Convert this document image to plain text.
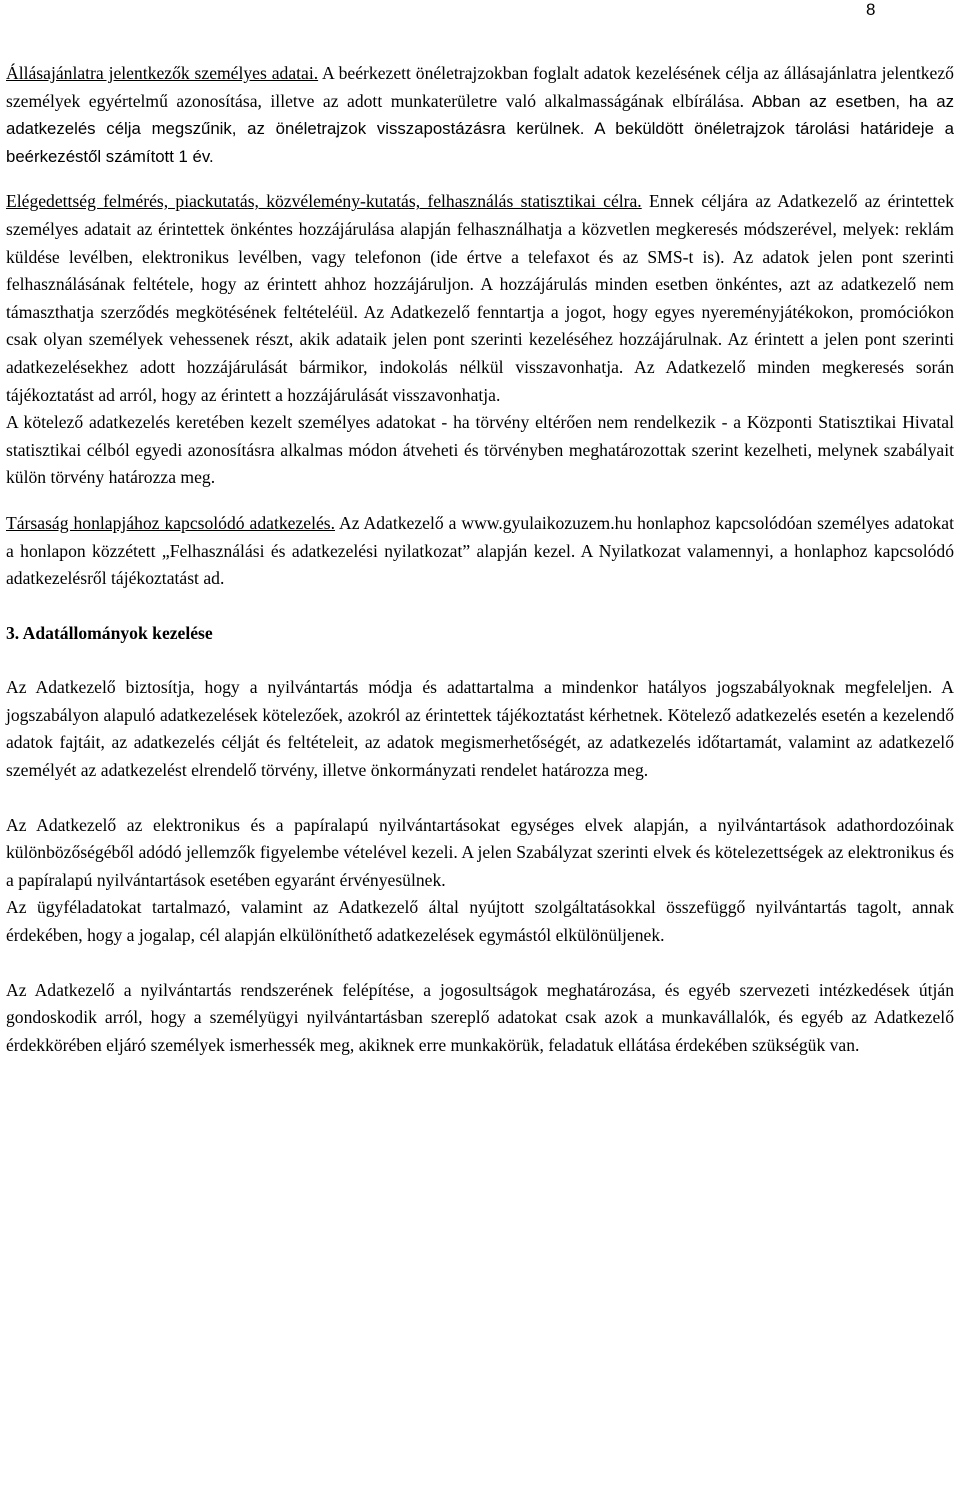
8

Állásajánlatra jelentkezők személyes adatai. A beérkezett önéletrajzokban foglalt adatok kezelésének célja az állásajánlatra jelentkező személyek egyértelmű azonosítása, illetve az adott munkaterületre való alkalmasságának elbírálása. Abban az esetben, ha az adatkezelés célja megszűnik, az önéletrajzok visszapostázásra kerülnek. A beküldött önéletrajzok tárolási határideje a beérkezéstől számított 1 év.

Elégedettség felmérés, piackutatás, közvélemény-kutatás, felhasználás statisztikai célra. Ennek céljára az Adatkezelő az érintettek személyes adatait az érintettek önkéntes hozzájárulása alapján felhasználhatja a közvetlen megkeresés módszerével, melyek: reklám küldése levélben, elektronikus levélben, vagy telefonon (ide értve a telefaxot és az SMS-t is). Az adatok jelen pont szerinti felhasználásának feltétele, hogy az érintett ahhoz hozzájáruljon. A hozzájárulás minden esetben önkéntes, azt az adatkezelő nem támaszthatja szerződés megkötésének feltételéül. Az Adatkezelő fenntartja a jogot, hogy egyes nyereményjátékokon, promóciókon csak olyan személyek vehessenek részt, akik adataik jelen pont szerinti kezeléséhez hozzájárulnak. Az érintett a jelen pont szerinti adatkezelésekhez adott hozzájárulását bármikor, indokolás nélkül visszavonhatja. Az Adatkezelő minden megkeresés során tájékoztatást ad arról, hogy az érintett a hozzájárulását visszavonhatja.

A kötelező adatkezelés keretében kezelt személyes adatokat - ha törvény eltérően nem rendelkezik - a Központi Statisztikai Hivatal statisztikai célból egyedi azonosításra alkalmas módon átveheti és törvényben meghatározottak szerint kezelheti, melynek szabályait külön törvény határozza meg.

Társaság honlapjához kapcsolódó adatkezelés. Az Adatkezelő a www.gyulaikozuzem.hu honlaphoz kapcsolódóan személyes adatokat a honlapon közzétett „Felhasználási és adatkezelési nyilatkozat” alapján kezel. A Nyilatkozat valamennyi, a honlaphoz kapcsolódó adatkezelésről tájékoztatást ad.

3. Adatállományok kezelése

Az Adatkezelő biztosítja, hogy a nyilvántartás módja és adattartalma a mindenkor hatályos jogszabályoknak megfeleljen. A jogszabályon alapuló adatkezelések kötelezőek, azokról az érintettek tájékoztatást kérhetnek. Kötelező adatkezelés esetén a kezelendő adatok fajtáit, az adatkezelés célját és feltételeit, az adatok megismerhetőségét, az adatkezelés időtartamát, valamint az adatkezelő személyét az adatkezelést elrendelő törvény, illetve önkormányzati rendelet határozza meg.

Az Adatkezelő az elektronikus és a papíralapú nyilvántartásokat egységes elvek alapján, a nyilvántartások adathordozóinak különbözőségéből adódó jellemzők figyelembe vételével kezeli. A jelen Szabályzat szerinti elvek és kötelezettségek az elektronikus és a papíralapú nyilvántartások esetében egyaránt érvényesülnek.

Az ügyféladatokat tartalmazó, valamint az Adatkezelő által nyújtott szolgáltatásokkal összefüggő nyilvántartás tagolt, annak érdekében, hogy a jogalap, cél alapján elkülöníthető adatkezelések egymástól elkülönüljenek.

Az Adatkezelő a nyilvántartás rendszerének felépítése, a jogosultságok meghatározása, és egyéb szervezeti intézkedések útján gondoskodik arról, hogy a személyügyi nyilvántartásban szereplő adatokat csak azok a munkavállalók, és egyéb az Adatkezelő érdekkörében eljáró személyek ismerhessék meg, akiknek erre munkakörük, feladatuk ellátása érdekében szükségük van.
